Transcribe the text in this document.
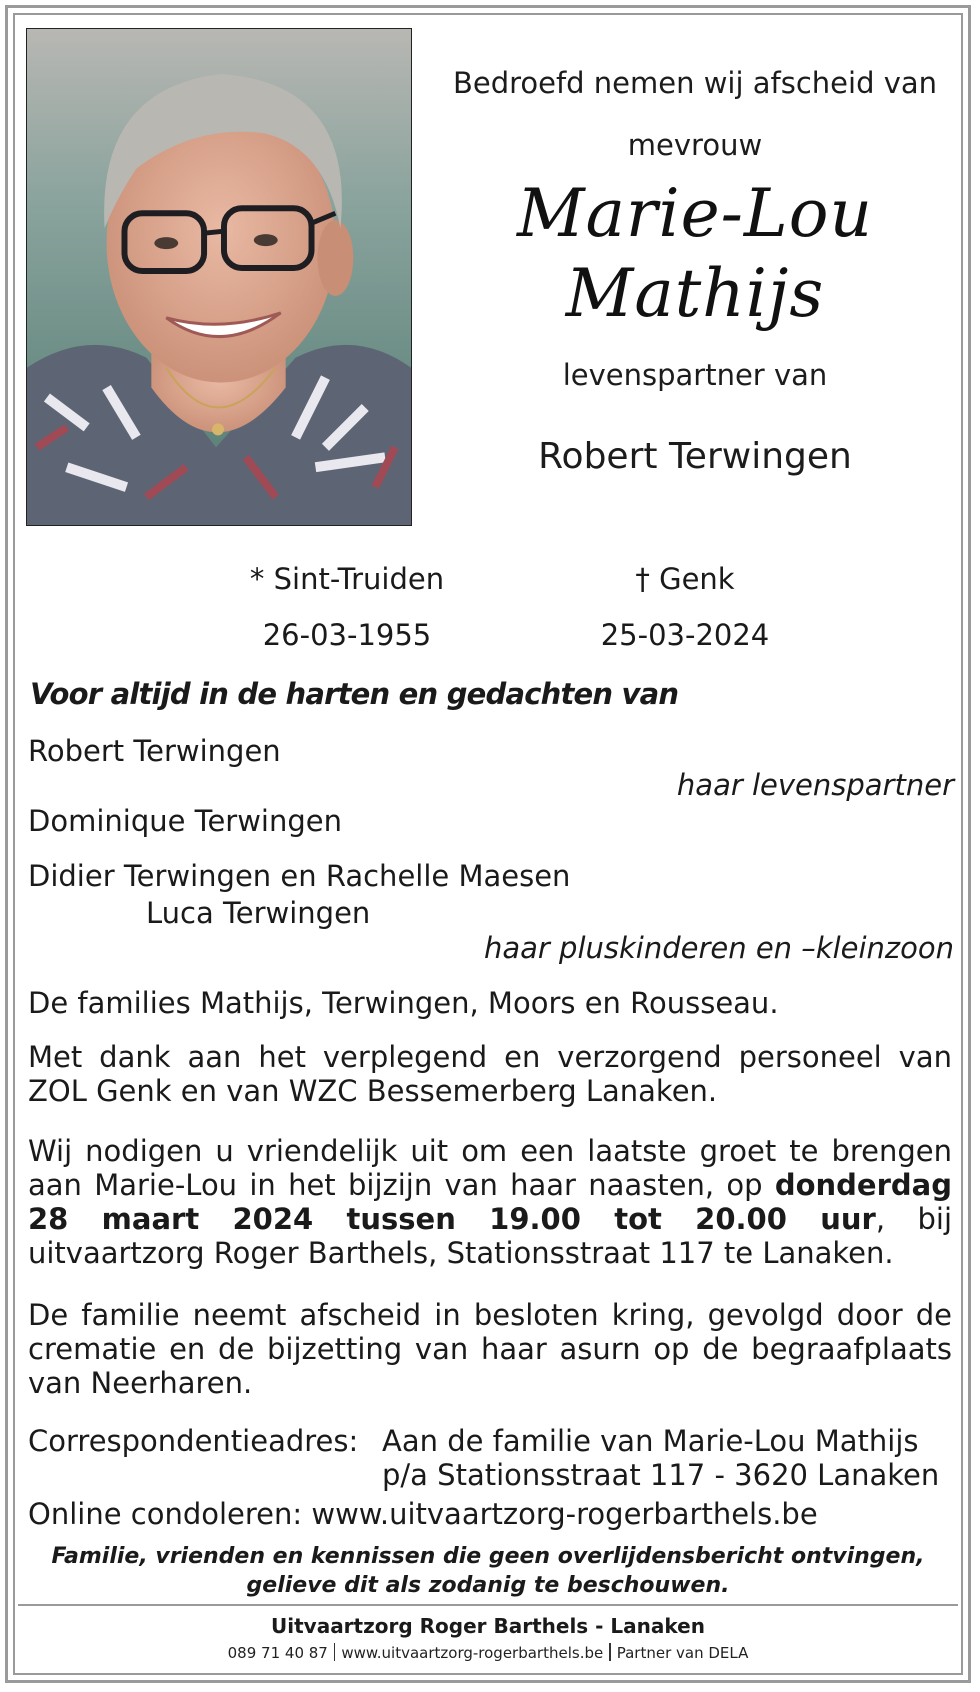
Bedroefd nemen wij afscheid van
mevrouw
Marie-Lou
Mathijs
levenspartner van
Robert Terwingen
* Sint-Truiden
26-03-1955
† Genk
25-03-2024
Voor altijd in de harten en gedachten van
Robert Terwingen
haar levenspartner
Dominique Terwingen
Didier Terwingen en Rachelle Maesen
Luca Terwingen
haar pluskinderen en –kleinzoon
De families Mathijs, Terwingen, Moors en Rousseau.
Met dank aan het verplegend en verzorgend personeel van ZOL Genk en van WZC Bessemerberg Lanaken.
Wij nodigen u vriendelijk uit om een laatste groet te brengen aan Marie-Lou in het bijzijn van haar naasten, op donderdag 28 maart 2024 tussen 19.00 tot 20.00 uur, bij uitvaartzorg Roger Barthels, Stationsstraat 117 te Lanaken.
De familie neemt afscheid in besloten kring, gevolgd door de crematie en de bijzetting van haar asurn op de begraafplaats van Neerharen.
Correspondentieadres: Aan de familie van Marie-Lou Mathijs
p/a Stationsstraat 117 - 3620 Lanaken
Online condoleren: www.uitvaartzorg-rogerbarthels.be
Familie, vrienden en kennissen die geen overlijdensbericht ontvingen,
gelieve dit als zodanig te beschouwen.
Uitvaartzorg Roger Barthels - Lanaken
089 71 40 87 www.uitvaartzorg-rogerbarthels.be Partner van DELA
